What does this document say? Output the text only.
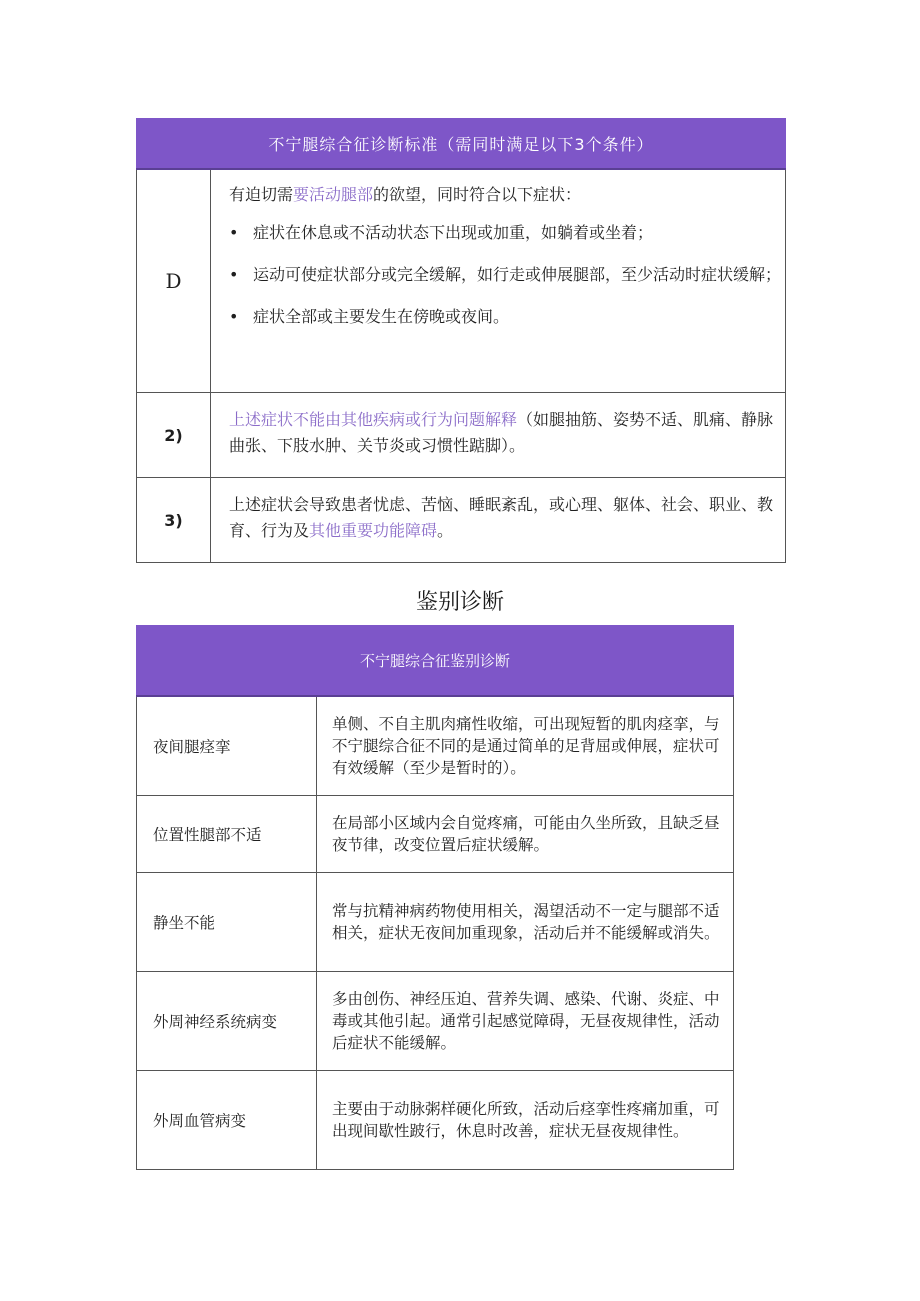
不宁腿综合征诊断标准（需同时满足以下3个条件）
D

有迫切需要活动腿部的欲望，同时符合以下症状：

• 症状在休息或不活动状态下出现或加重，如躺着或坐着；
• 运动可使症状部分或完全缓解，如行走或伸展腿部，至少活动时症状缓解；
• 症状全部或主要发生在傍晚或夜间。
2)
上述症状不能由其他疾病或行为问题解释（如腿抽筋、姿势不适、肌痛、静脉曲张、下肢水肿、关节炎或习惯性踮脚）。
3)
上述症状会导致患者忧虑、苦恼、睡眠紊乱，或心理、躯体、社会、职业、教育、行为及其他重要功能障碍。
鉴别诊断
不宁腿综合征鉴别诊断
夜间腿痉挛
单侧、不自主肌肉痛性收缩，可出现短暂的肌肉痉挛，与不宁腿综合征不同的是通过简单的足背屈或伸展，症状可有效缓解（至少是暂时的）。
位置性腿部不适
在局部小区域内会自觉疼痛，可能由久坐所致，且缺乏昼夜节律，改变位置后症状缓解。
静坐不能
常与抗精神病药物使用相关，渴望活动不一定与腿部不适相关，症状无夜间加重现象，活动后并不能缓解或消失。
外周神经系统病变
多由创伤、神经压迫、营养失调、感染、代谢、炎症、中毒或其他引起。通常引起感觉障碍，无昼夜规律性，活动后症状不能缓解。
外周血管病变
主要由于动脉粥样硬化所致，活动后痉挛性疼痛加重，可出现间歇性跛行，休息时改善，症状无昼夜规律性。
